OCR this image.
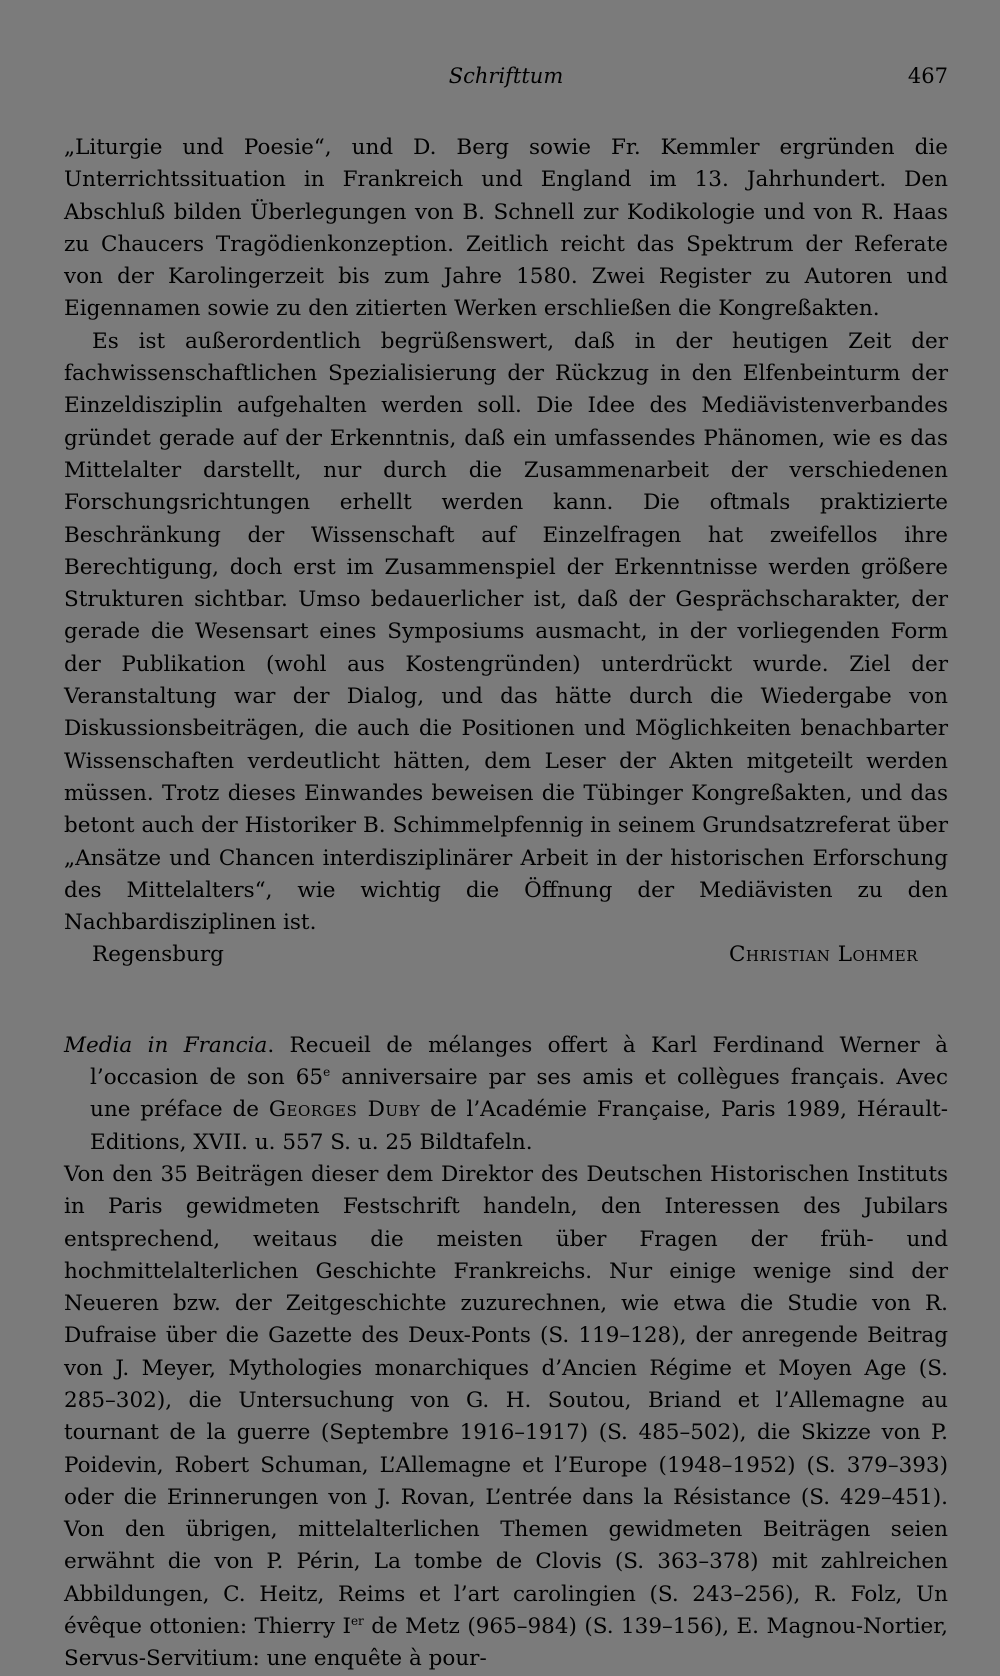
Schrifttum	467

„Liturgie und Poesie“, und D. Berg sowie Fr. Kemmler ergründen die Unterrichtssituation in Frankreich und England im 13. Jahrhundert. Den Abschluß bilden Überlegungen von B. Schnell zur Kodikologie und von R. Haas zu Chaucers Tragödienkonzeption. Zeitlich reicht das Spektrum der Referate von der Karolingerzeit bis zum Jahre 1580. Zwei Register zu Autoren und Eigennamen sowie zu den zitierten Werken erschließen die Kongreßakten.

Es ist außerordentlich begrüßenswert, daß in der heutigen Zeit der fachwissenschaftlichen Spezialisierung der Rückzug in den Elfenbeinturm der Einzeldisziplin aufgehalten werden soll. Die Idee des Mediävistenverbandes gründet gerade auf der Erkenntnis, daß ein umfassendes Phänomen, wie es das Mittelalter darstellt, nur durch die Zusammenarbeit der verschiedenen Forschungsrichtungen erhellt werden kann. Die oftmals praktizierte Beschränkung der Wissenschaft auf Einzelfragen hat zweifellos ihre Berechtigung, doch erst im Zusammenspiel der Erkenntnisse werden größere Strukturen sichtbar. Umso bedauerlicher ist, daß der Gesprächscharakter, der gerade die Wesensart eines Symposiums ausmacht, in der vorliegenden Form der Publikation (wohl aus Kostengründen) unterdrückt wurde. Ziel der Veranstaltung war der Dialog, und das hätte durch die Wiedergabe von Diskussionsbeiträgen, die auch die Positionen und Möglichkeiten benachbarter Wissenschaften verdeutlicht hätten, dem Leser der Akten mitgeteilt werden müssen. Trotz dieses Einwandes beweisen die Tübinger Kongreßakten, und das betont auch der Historiker B. Schimmelpfennig in seinem Grundsatzreferat über „Ansätze und Chancen interdisziplinärer Arbeit in der historischen Erforschung des Mittelalters“, wie wichtig die Öffnung der Mediävisten zu den Nachbardisziplinen ist.

Regensburg	Christian Lohmer

Media in Francia. Recueil de mélanges offert à Karl Ferdinand Werner à l’occasion de son 65e anniversaire par ses amis et collègues français. Avec une préface de Georges Duby de l’Académie Française, Paris 1989, Hérault-Editions, XVII. u. 557 S. u. 25 Bildtafeln.

Von den 35 Beiträgen dieser dem Direktor des Deutschen Historischen Instituts in Paris gewidmeten Festschrift handeln, den Interessen des Jubilars entsprechend, weitaus die meisten über Fragen der früh- und hochmittelalterlichen Geschichte Frankreichs. Nur einige wenige sind der Neueren bzw. der Zeitgeschichte zuzurechnen, wie etwa die Studie von R. Dufraise über die Gazette des Deux-Ponts (S. 119–128), der anregende Beitrag von J. Meyer, Mythologies monarchiques d’Ancien Régime et Moyen Age (S. 285–302), die Untersuchung von G. H. Soutou, Briand et l’Allemagne au tournant de la guerre (Septembre 1916–1917) (S. 485–502), die Skizze von P. Poidevin, Robert Schuman, L’Allemagne et l’Europe (1948–1952) (S. 379–393) oder die Erinnerungen von J. Rovan, L’entrée dans la Résistance (S. 429–451). Von den übrigen, mittelalterlichen Themen gewidmeten Beiträgen seien erwähnt die von P. Périn, La tombe de Clovis (S. 363–378) mit zahlreichen Abbildungen, C. Heitz, Reims et l’art carolingien (S. 243–256), R. Folz, Un évêque ottonien: Thierry Ier de Metz (965–984) (S. 139–156), E. Magnou-Nortier, Servus-Servitium: une enquête à pour-
